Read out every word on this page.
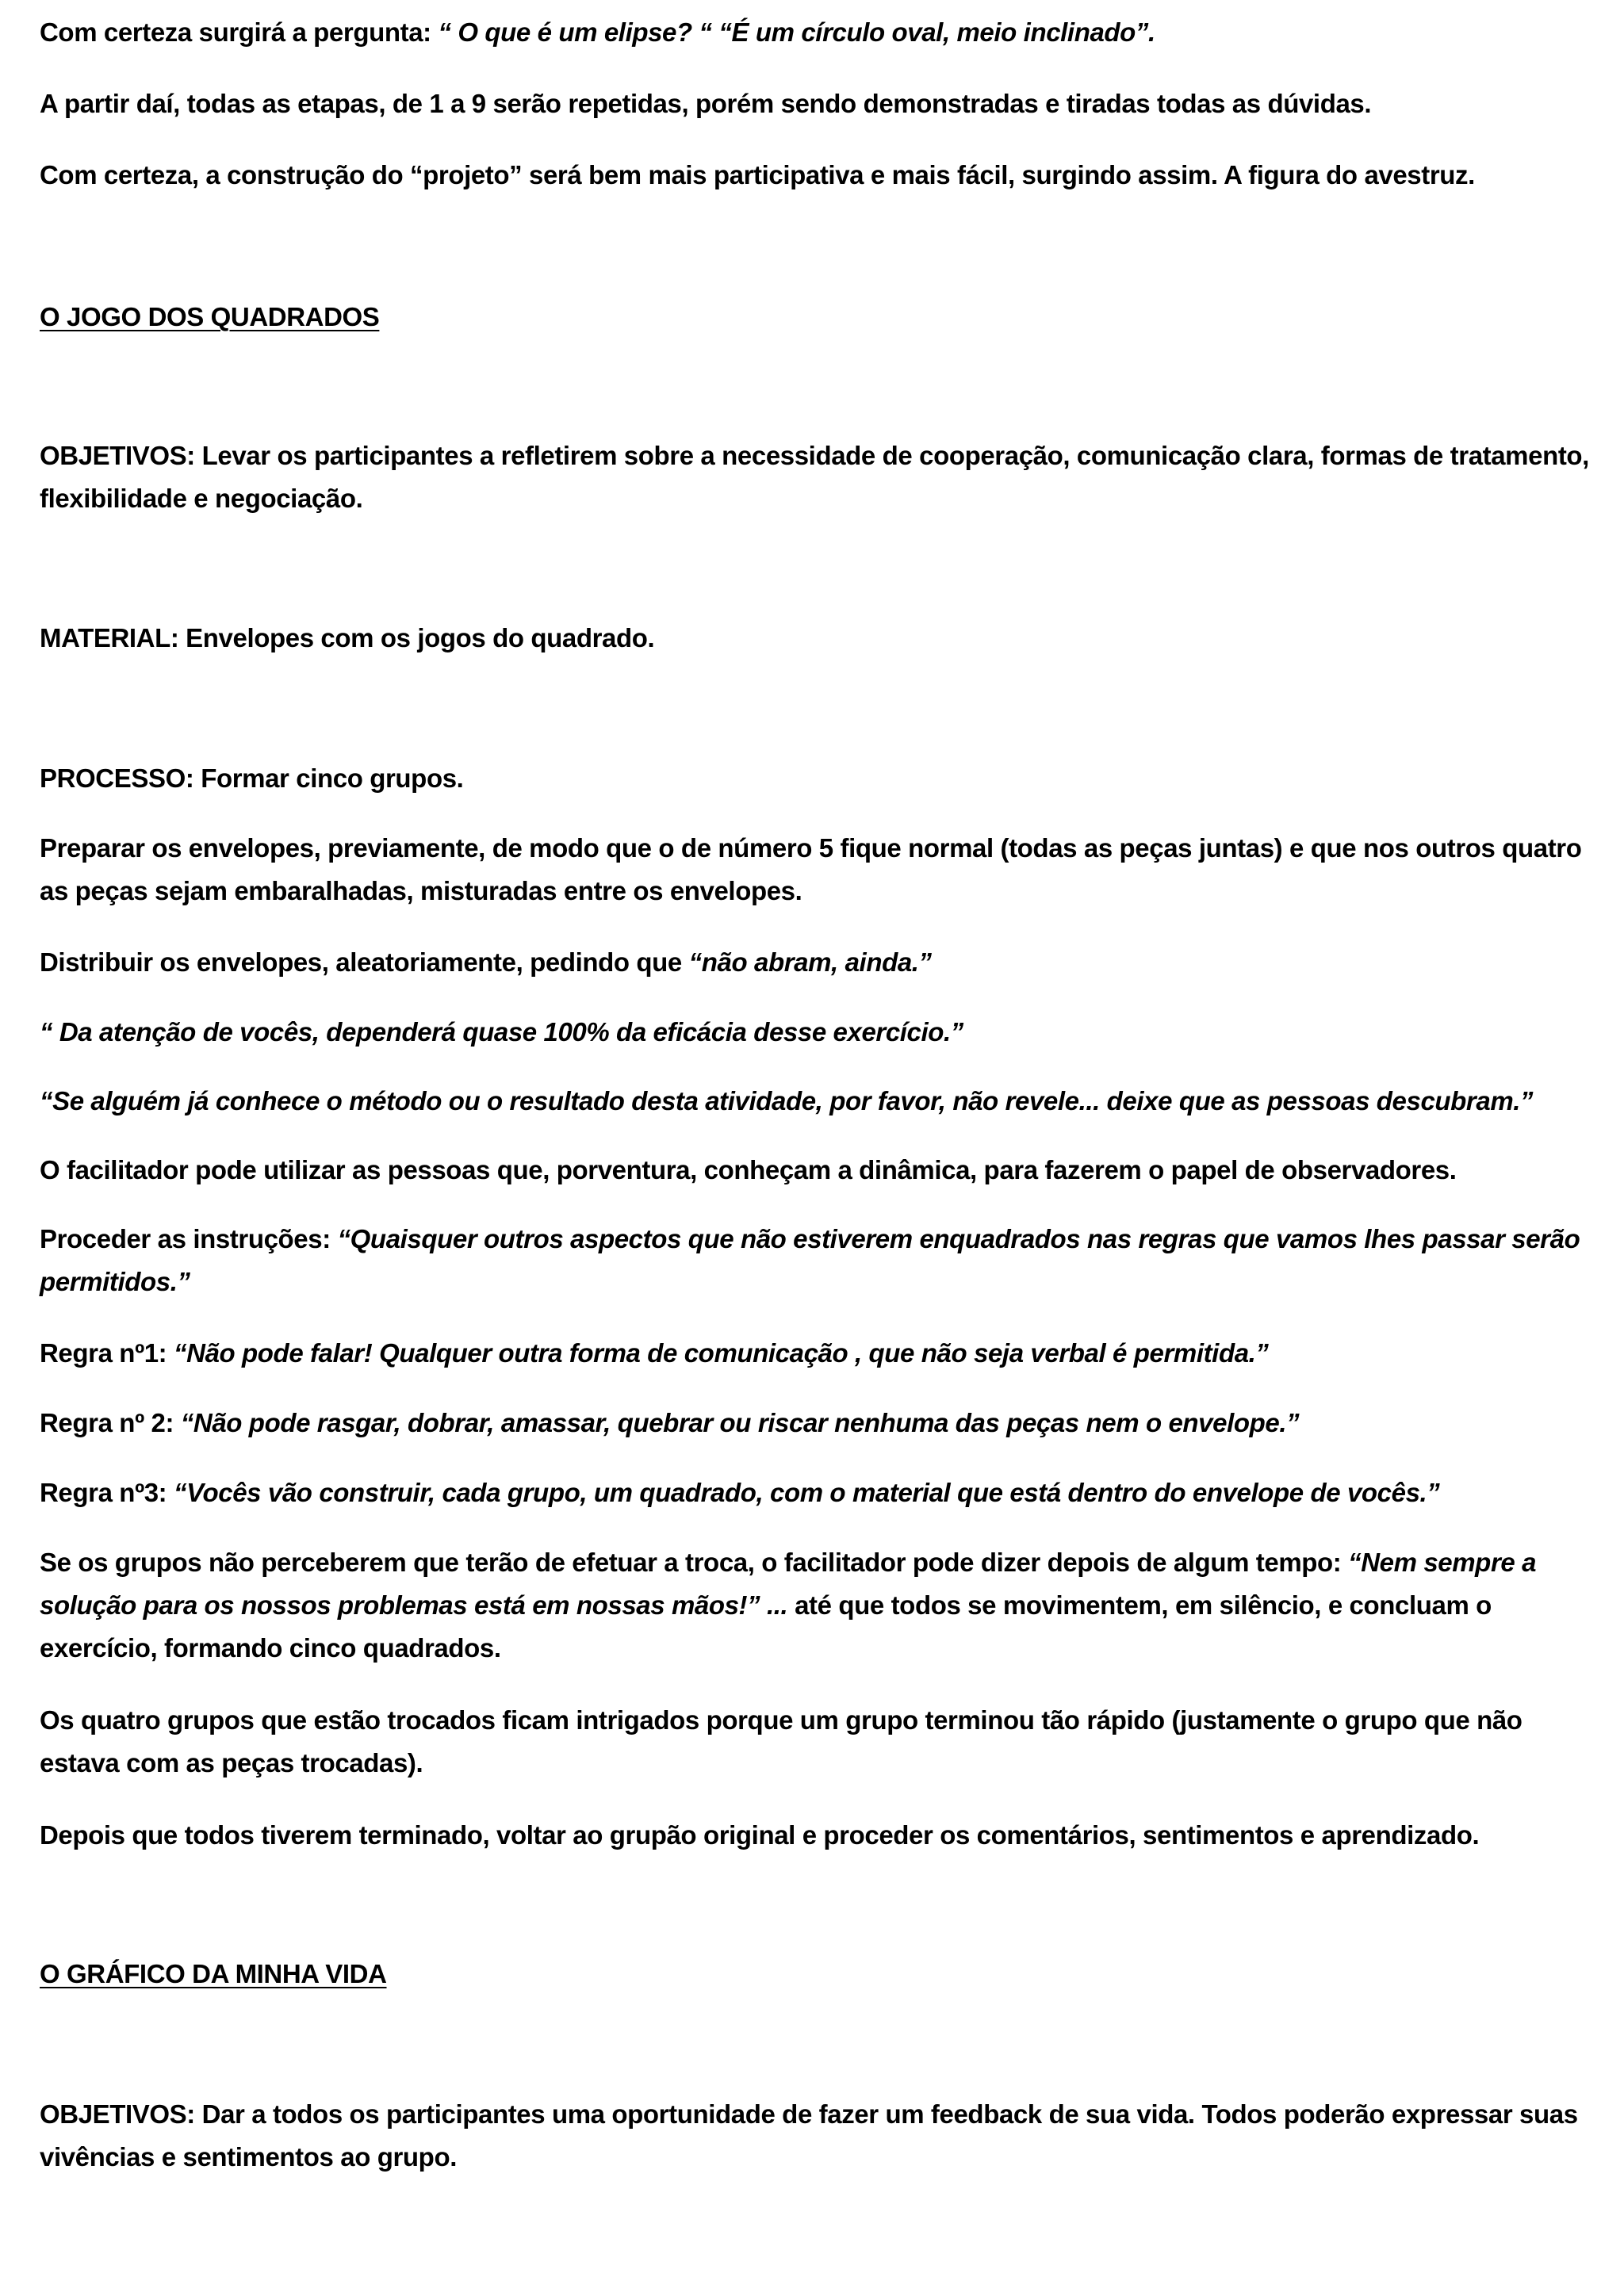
Com certeza surgirá a pergunta: “ O que é um elipse? “ “É um círculo oval, meio inclinado”.

A partir daí, todas as etapas, de 1 a 9 serão repetidas, porém sendo demonstradas e tiradas todas as dúvidas.

Com certeza, a construção do “projeto” será bem mais participativa e mais fácil, surgindo assim. A figura do avestruz.

O JOGO DOS QUADRADOS

OBJETIVOS: Levar os participantes a refletirem sobre a necessidade de cooperação, comunicação clara, formas de tratamento, flexibilidade e negociação.

MATERIAL: Envelopes com os jogos do quadrado.

PROCESSO: Formar cinco grupos.

Preparar os envelopes, previamente, de modo que o de número 5 fique normal (todas as peças juntas) e que nos outros quatro as peças sejam embaralhadas, misturadas entre os envelopes.

Distribuir os envelopes, aleatoriamente, pedindo que “não abram, ainda.”

“ Da atenção de vocês, dependerá quase 100% da eficácia desse exercício.”

“Se alguém já conhece o método ou o resultado desta atividade, por favor, não revele... deixe que as pessoas descubram.”

O facilitador pode utilizar as pessoas que, porventura, conheçam a dinâmica, para fazerem o papel de observadores.

Proceder as instruções: “Quaisquer outros aspectos que não estiverem enquadrados nas regras que vamos lhes passar serão permitidos.”

Regra nº1: “Não pode falar! Qualquer outra forma de comunicação , que não seja verbal é permitida.”

Regra nº 2: “Não pode rasgar, dobrar, amassar, quebrar ou riscar nenhuma das peças nem o envelope.”

Regra nº3: “Vocês vão construir, cada grupo, um quadrado, com o material que está dentro do envelope de vocês.”

Se os grupos não perceberem que terão de efetuar a troca, o facilitador pode dizer depois de algum tempo: “Nem sempre a solução para os nossos problemas está em nossas mãos!” ... até que todos se movimentem, em silêncio, e concluam o exercício, formando cinco quadrados.

Os quatro grupos que estão trocados ficam intrigados porque um grupo terminou tão rápido (justamente o grupo que não estava com as peças trocadas).

Depois que todos tiverem terminado, voltar ao grupão original e proceder os comentários, sentimentos e aprendizado.

O GRÁFICO DA MINHA VIDA

OBJETIVOS: Dar a todos os participantes uma oportunidade de fazer um feedback de sua vida. Todos poderão expressar suas vivências e sentimentos ao grupo.
